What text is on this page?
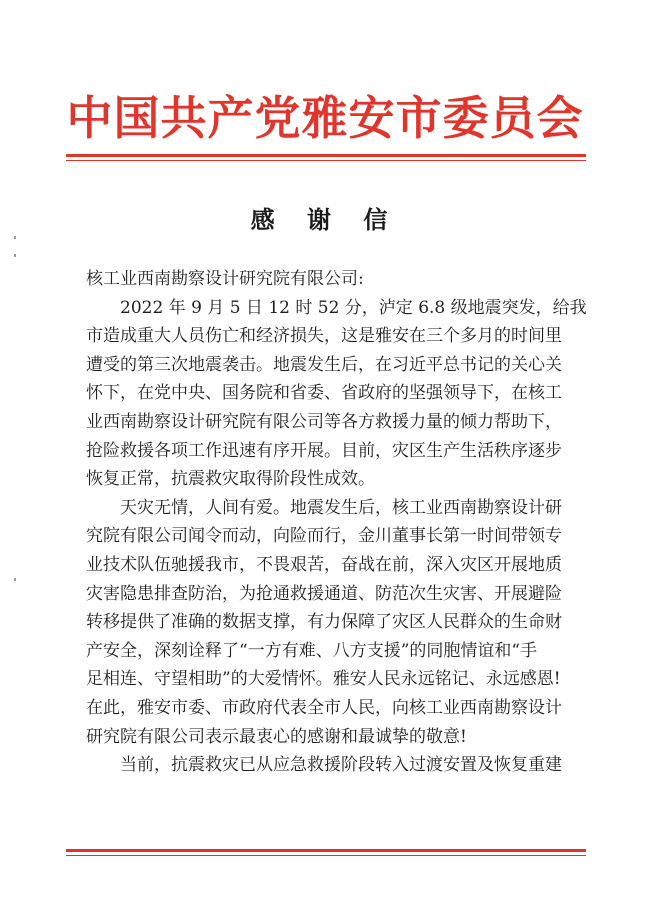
中国共产党雅安市委员会
感 谢 信
核工业西南勘察设计研究院有限公司:
2022 年 9 月 5 日 12 时 52 分，泸定 6.8 级地震突发，给我
市造成重大人员伤亡和经济损失，这是雅安在三个多月的时间里
遭受的第三次地震袭击。地震发生后，在习近平总书记的关心关
怀下，在党中央、国务院和省委、省政府的坚强领导下，在核工
业西南勘察设计研究院有限公司等各方救援力量的倾力帮助下，
抢险救援各项工作迅速有序开展。目前，灾区生产生活秩序逐步
恢复正常，抗震救灾取得阶段性成效。
天灾无情，人间有爱。地震发生后，核工业西南勘察设计研
究院有限公司闻令而动，向险而行，金川董事长第一时间带领专
业技术队伍驰援我市，不畏艰苦，奋战在前，深入灾区开展地质
灾害隐患排查防治，为抢通救援通道、防范次生灾害、开展避险
转移提供了准确的数据支撑，有力保障了灾区人民群众的生命财
产安全，深刻诠释了“一方有难、八方支援”的同胞情谊和“手
足相连、守望相助”的大爱情怀。雅安人民永远铭记、永远感恩!
在此，雅安市委、市政府代表全市人民，向核工业西南勘察设计
研究院有限公司表示最衷心的感谢和最诚挚的敬意!
当前，抗震救灾已从应急救援阶段转入过渡安置及恢复重建
